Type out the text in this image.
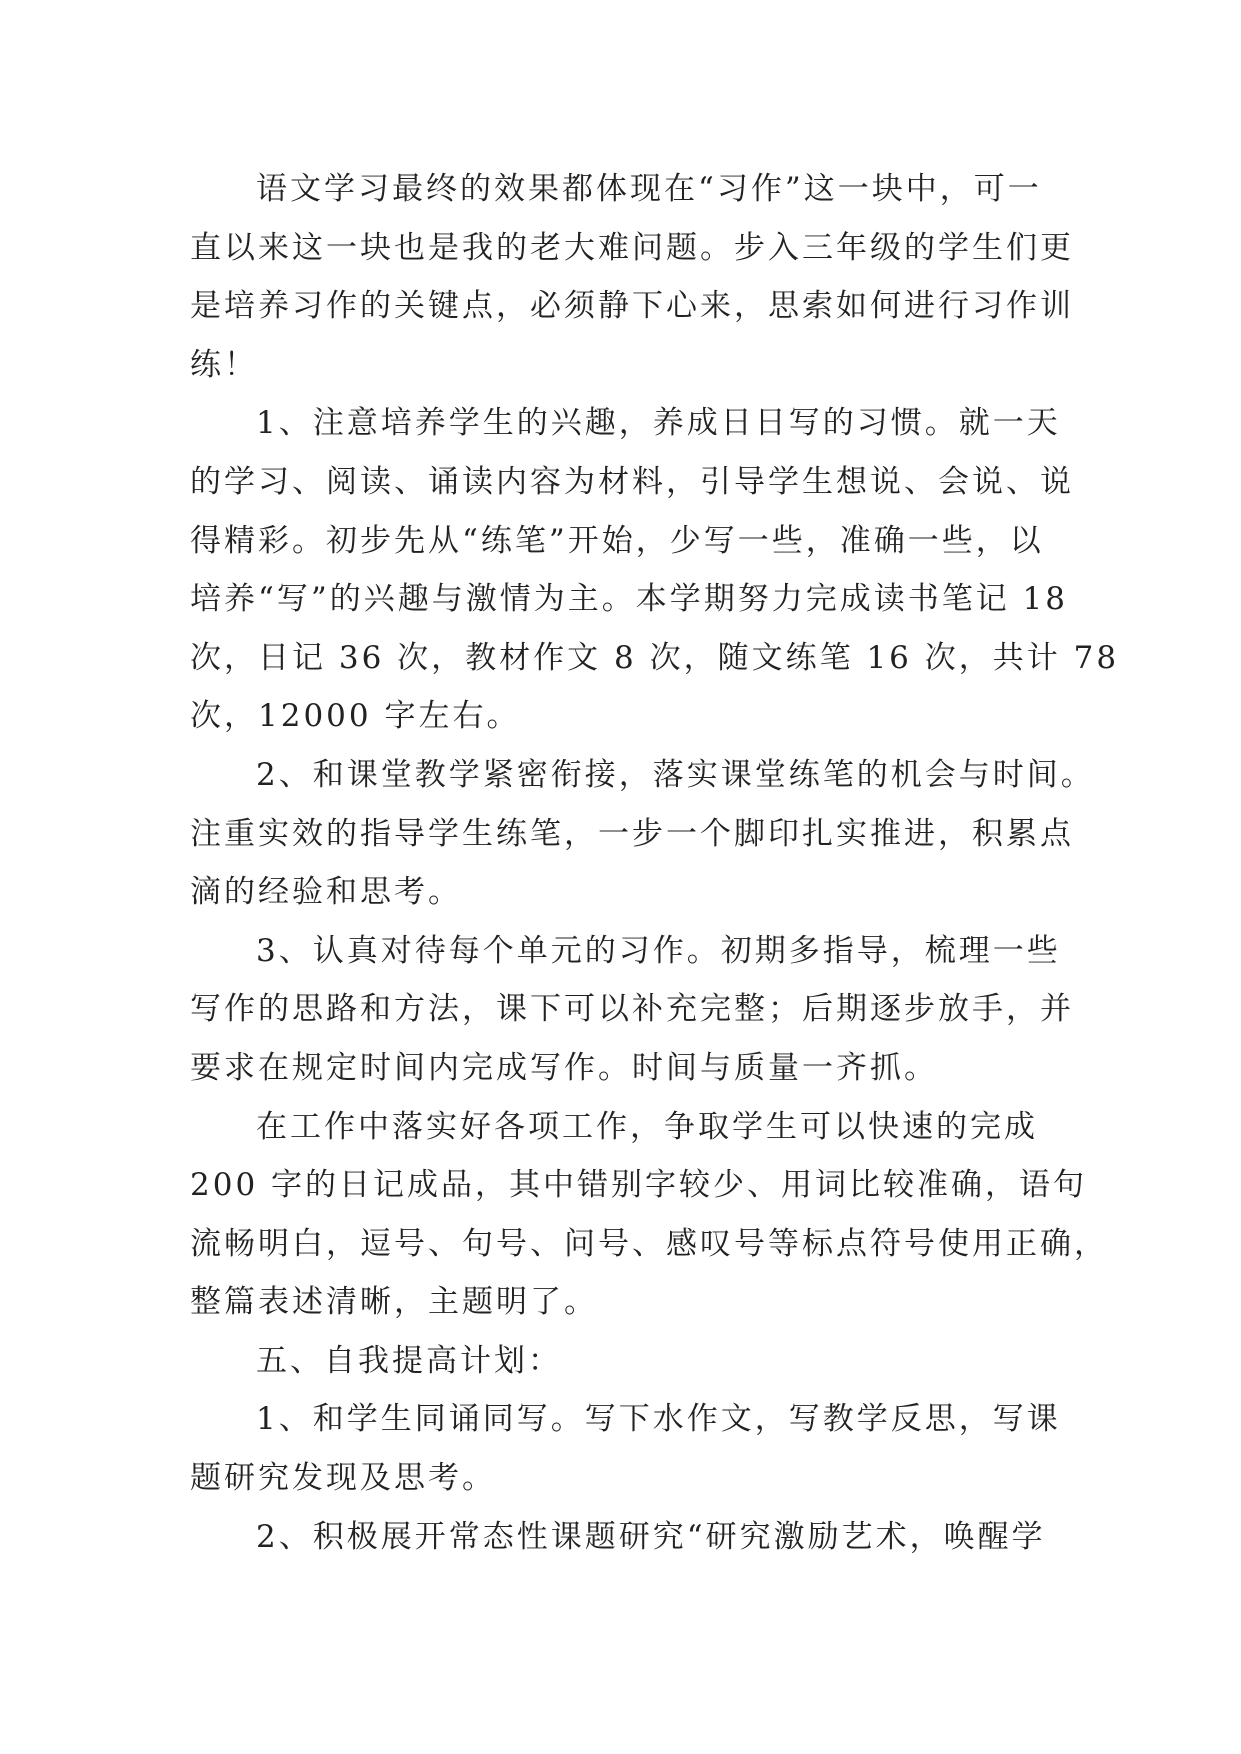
语文学习最终的效果都体现在“习作”这一块中，可一
直以来这一块也是我的老大难问题。步入三年级的学生们更
是培养习作的关键点，必须静下心来，思索如何进行习作训
练！
1、注意培养学生的兴趣，养成日日写的习惯。就一天
的学习、阅读、诵读内容为材料，引导学生想说、会说、说
得精彩。初步先从“练笔”开始，少写一些，准确一些，以
培养“写”的兴趣与激情为主。本学期努力完成读书笔记 18
次，日记 36 次，教材作文 8 次，随文练笔 16 次，共计 78
次，12000 字左右。
2、和课堂教学紧密衔接，落实课堂练笔的机会与时间。
注重实效的指导学生练笔，一步一个脚印扎实推进，积累点
滴的经验和思考。
3、认真对待每个单元的习作。初期多指导，梳理一些
写作的思路和方法，课下可以补充完整；后期逐步放手，并
要求在规定时间内完成写作。时间与质量一齐抓。
在工作中落实好各项工作，争取学生可以快速的完成
200 字的日记成品，其中错别字较少、用词比较准确，语句
流畅明白，逗号、句号、问号、感叹号等标点符号使用正确，
整篇表述清晰，主题明了。
五、自我提高计划：
1、和学生同诵同写。写下水作文，写教学反思，写课
题研究发现及思考。
2、积极展开常态性课题研究“研究激励艺术，唤醒学
